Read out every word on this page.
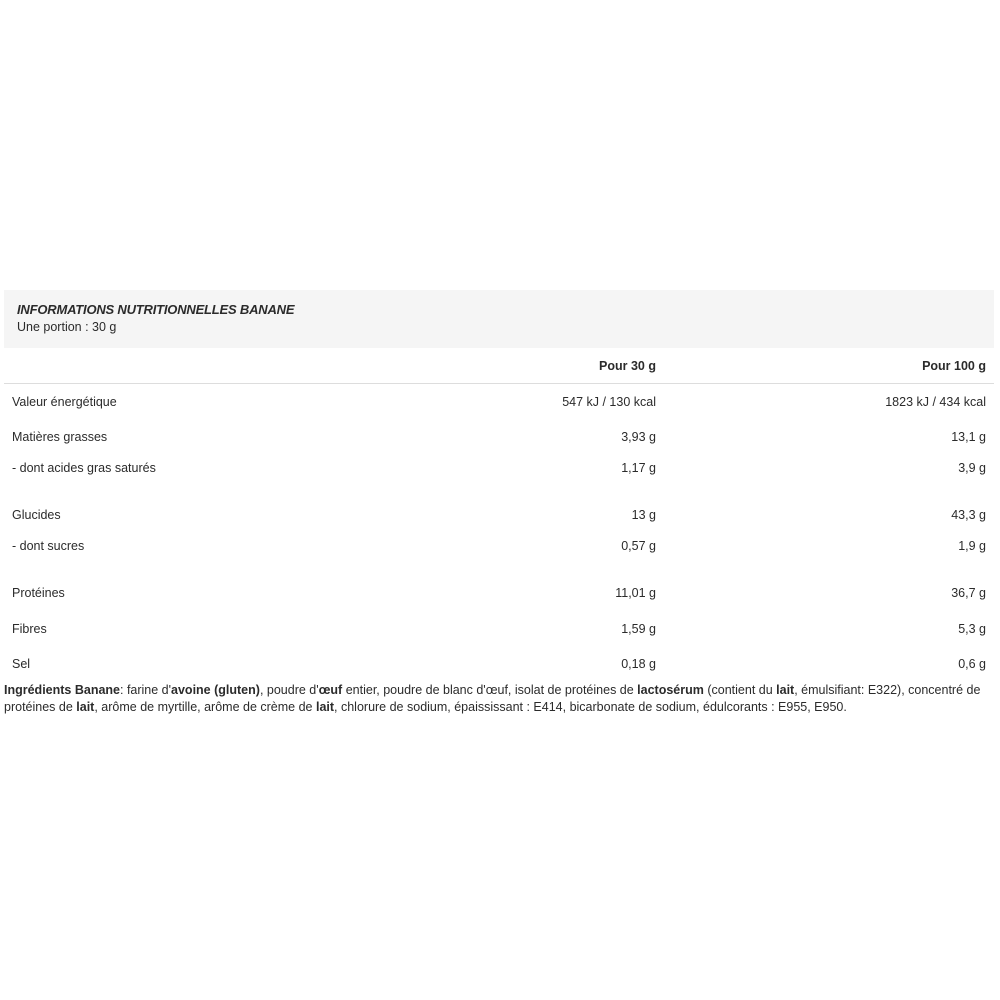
INFORMATIONS NUTRITIONNELLES BANANE
Une portion : 30 g
Pour 30 g	Pour 100 g
Valeur énergétique	547 kJ / 130 kcal	1823 kJ / 434 kcal
Matières grasses	3,93 g	13,1 g
- dont acides gras saturés	1,17 g	3,9 g
Glucides	13 g	43,3 g
- dont sucres	0,57 g	1,9 g
Protéines	11,01 g	36,7 g
Fibres	1,59 g	5,3 g
Sel	0,18 g	0,6 g
Ingrédients Banane: farine d'avoine (gluten), poudre d'œuf entier, poudre de blanc d'œuf, isolat de protéines de lactosérum (contient du lait, émulsifiant: E322), concentré de protéines de lait, arôme de myrtille, arôme de crème de lait, chlorure de sodium, épaississant : E414, bicarbonate de sodium, édulcorants : E955, E950.
